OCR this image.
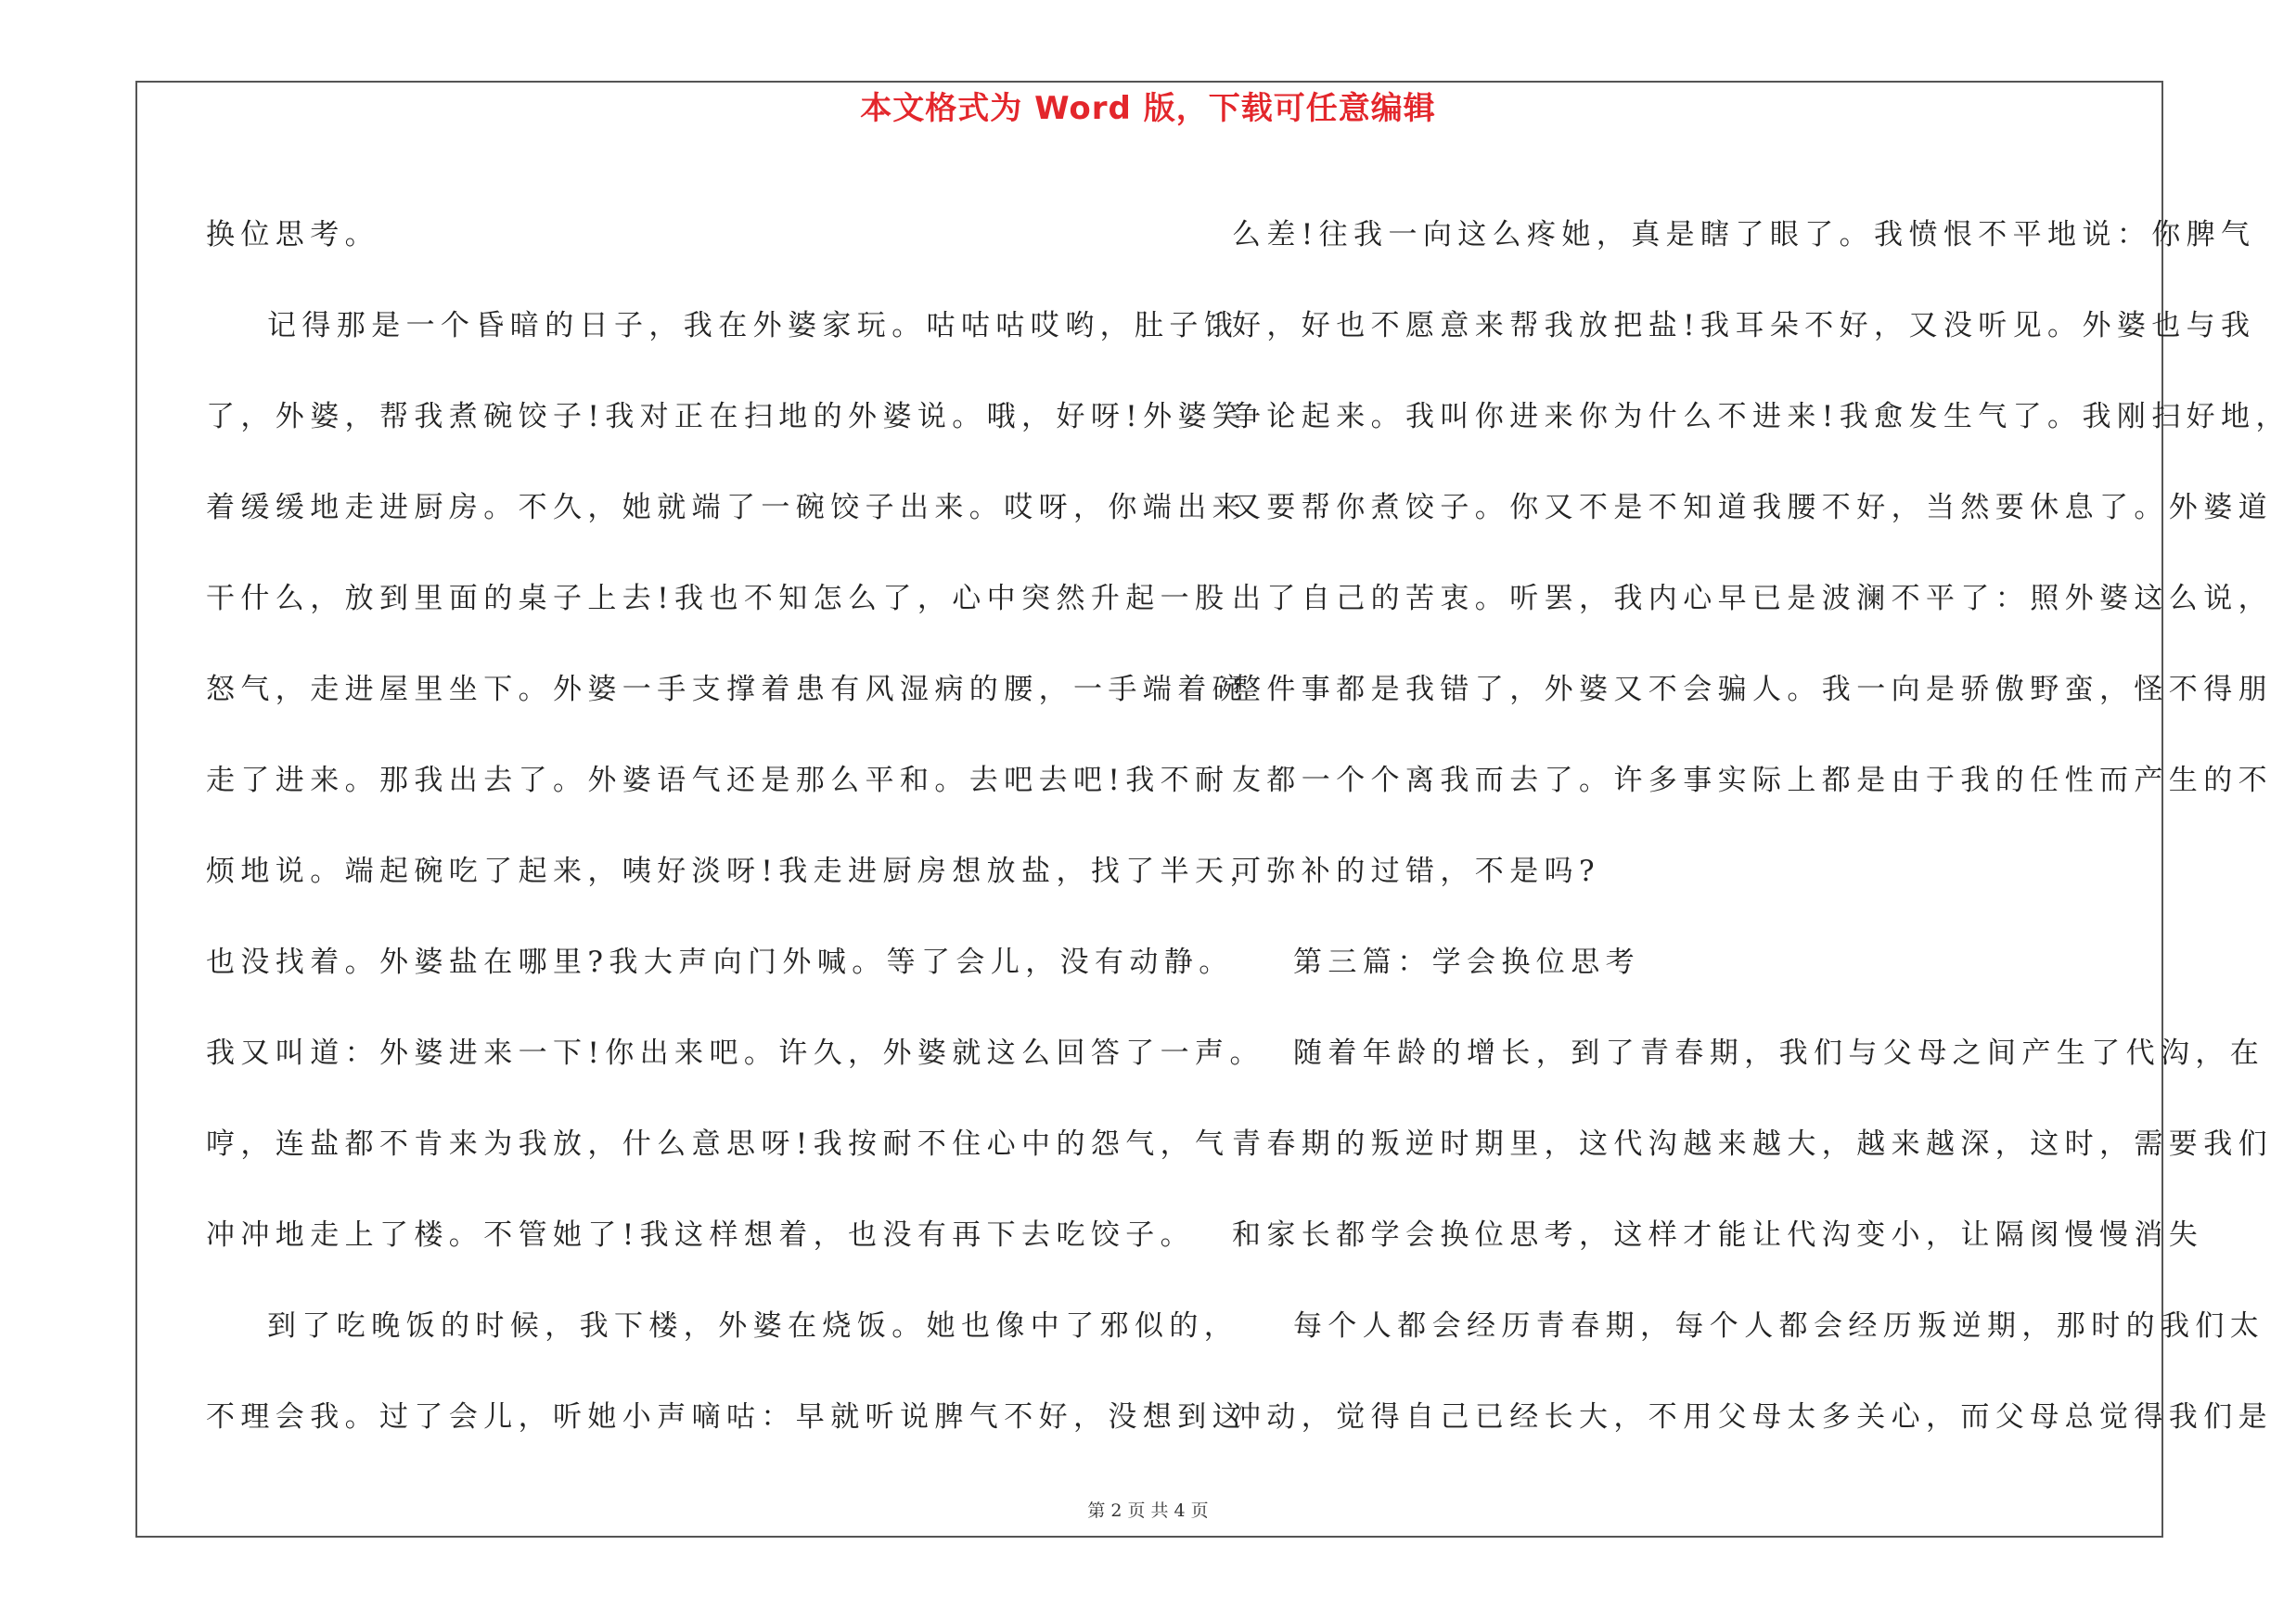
本文格式为 Word 版，下载可任意编辑
换位思考。
记得那是一个昏暗的日子，我在外婆家玩。咕咕咕哎哟，肚子饿
了，外婆，帮我煮碗饺子!我对正在扫地的外婆说。哦，好呀!外婆笑
着缓缓地走进厨房。不久，她就端了一碗饺子出来。哎呀，你端出来
干什么，放到里面的桌子上去!我也不知怎么了，心中突然升起一股
怒气，走进屋里坐下。外婆一手支撑着患有风湿病的腰，一手端着碗
走了进来。那我出去了。外婆语气还是那么平和。去吧去吧!我不耐
烦地说。端起碗吃了起来，咦好淡呀!我走进厨房想放盐，找了半天，
也没找着。外婆盐在哪里?我大声向门外喊。等了会儿，没有动静。
我又叫道：外婆进来一下!你出来吧。许久，外婆就这么回答了一声。
哼，连盐都不肯来为我放，什么意思呀!我按耐不住心中的怨气，气
冲冲地走上了楼。不管她了!我这样想着，也没有再下去吃饺子。
到了吃晚饭的时候，我下楼，外婆在烧饭。她也像中了邪似的，
不理会我。过了会儿，听她小声嘀咕：早就听说脾气不好，没想到这
么差!往我一向这么疼她，真是瞎了眼了。我愤恨不平地说：你脾气
好，好也不愿意来帮我放把盐!我耳朵不好，又没听见。外婆也与我
争论起来。我叫你进来你为什么不进来!我愈发生气了。我刚扫好地，
又要帮你煮饺子。你又不是不知道我腰不好，当然要休息了。外婆道
出了自己的苦衷。听罢，我内心早已是波澜不平了：照外婆这么说，
整件事都是我错了，外婆又不会骗人。我一向是骄傲野蛮，怪不得朋
友都一个个离我而去了。许多事实际上都是由于我的任性而产生的不
可弥补的过错，不是吗?
第三篇：学会换位思考
随着年龄的增长，到了青春期，我们与父母之间产生了代沟，在
青春期的叛逆时期里，这代沟越来越大，越来越深，这时，需要我们
和家长都学会换位思考，这样才能让代沟变小，让隔阂慢慢消失
每个人都会经历青春期，每个人都会经历叛逆期，那时的我们太
冲动，觉得自己已经长大，不用父母太多关心，而父母总觉得我们是
第 2 页 共 4 页
